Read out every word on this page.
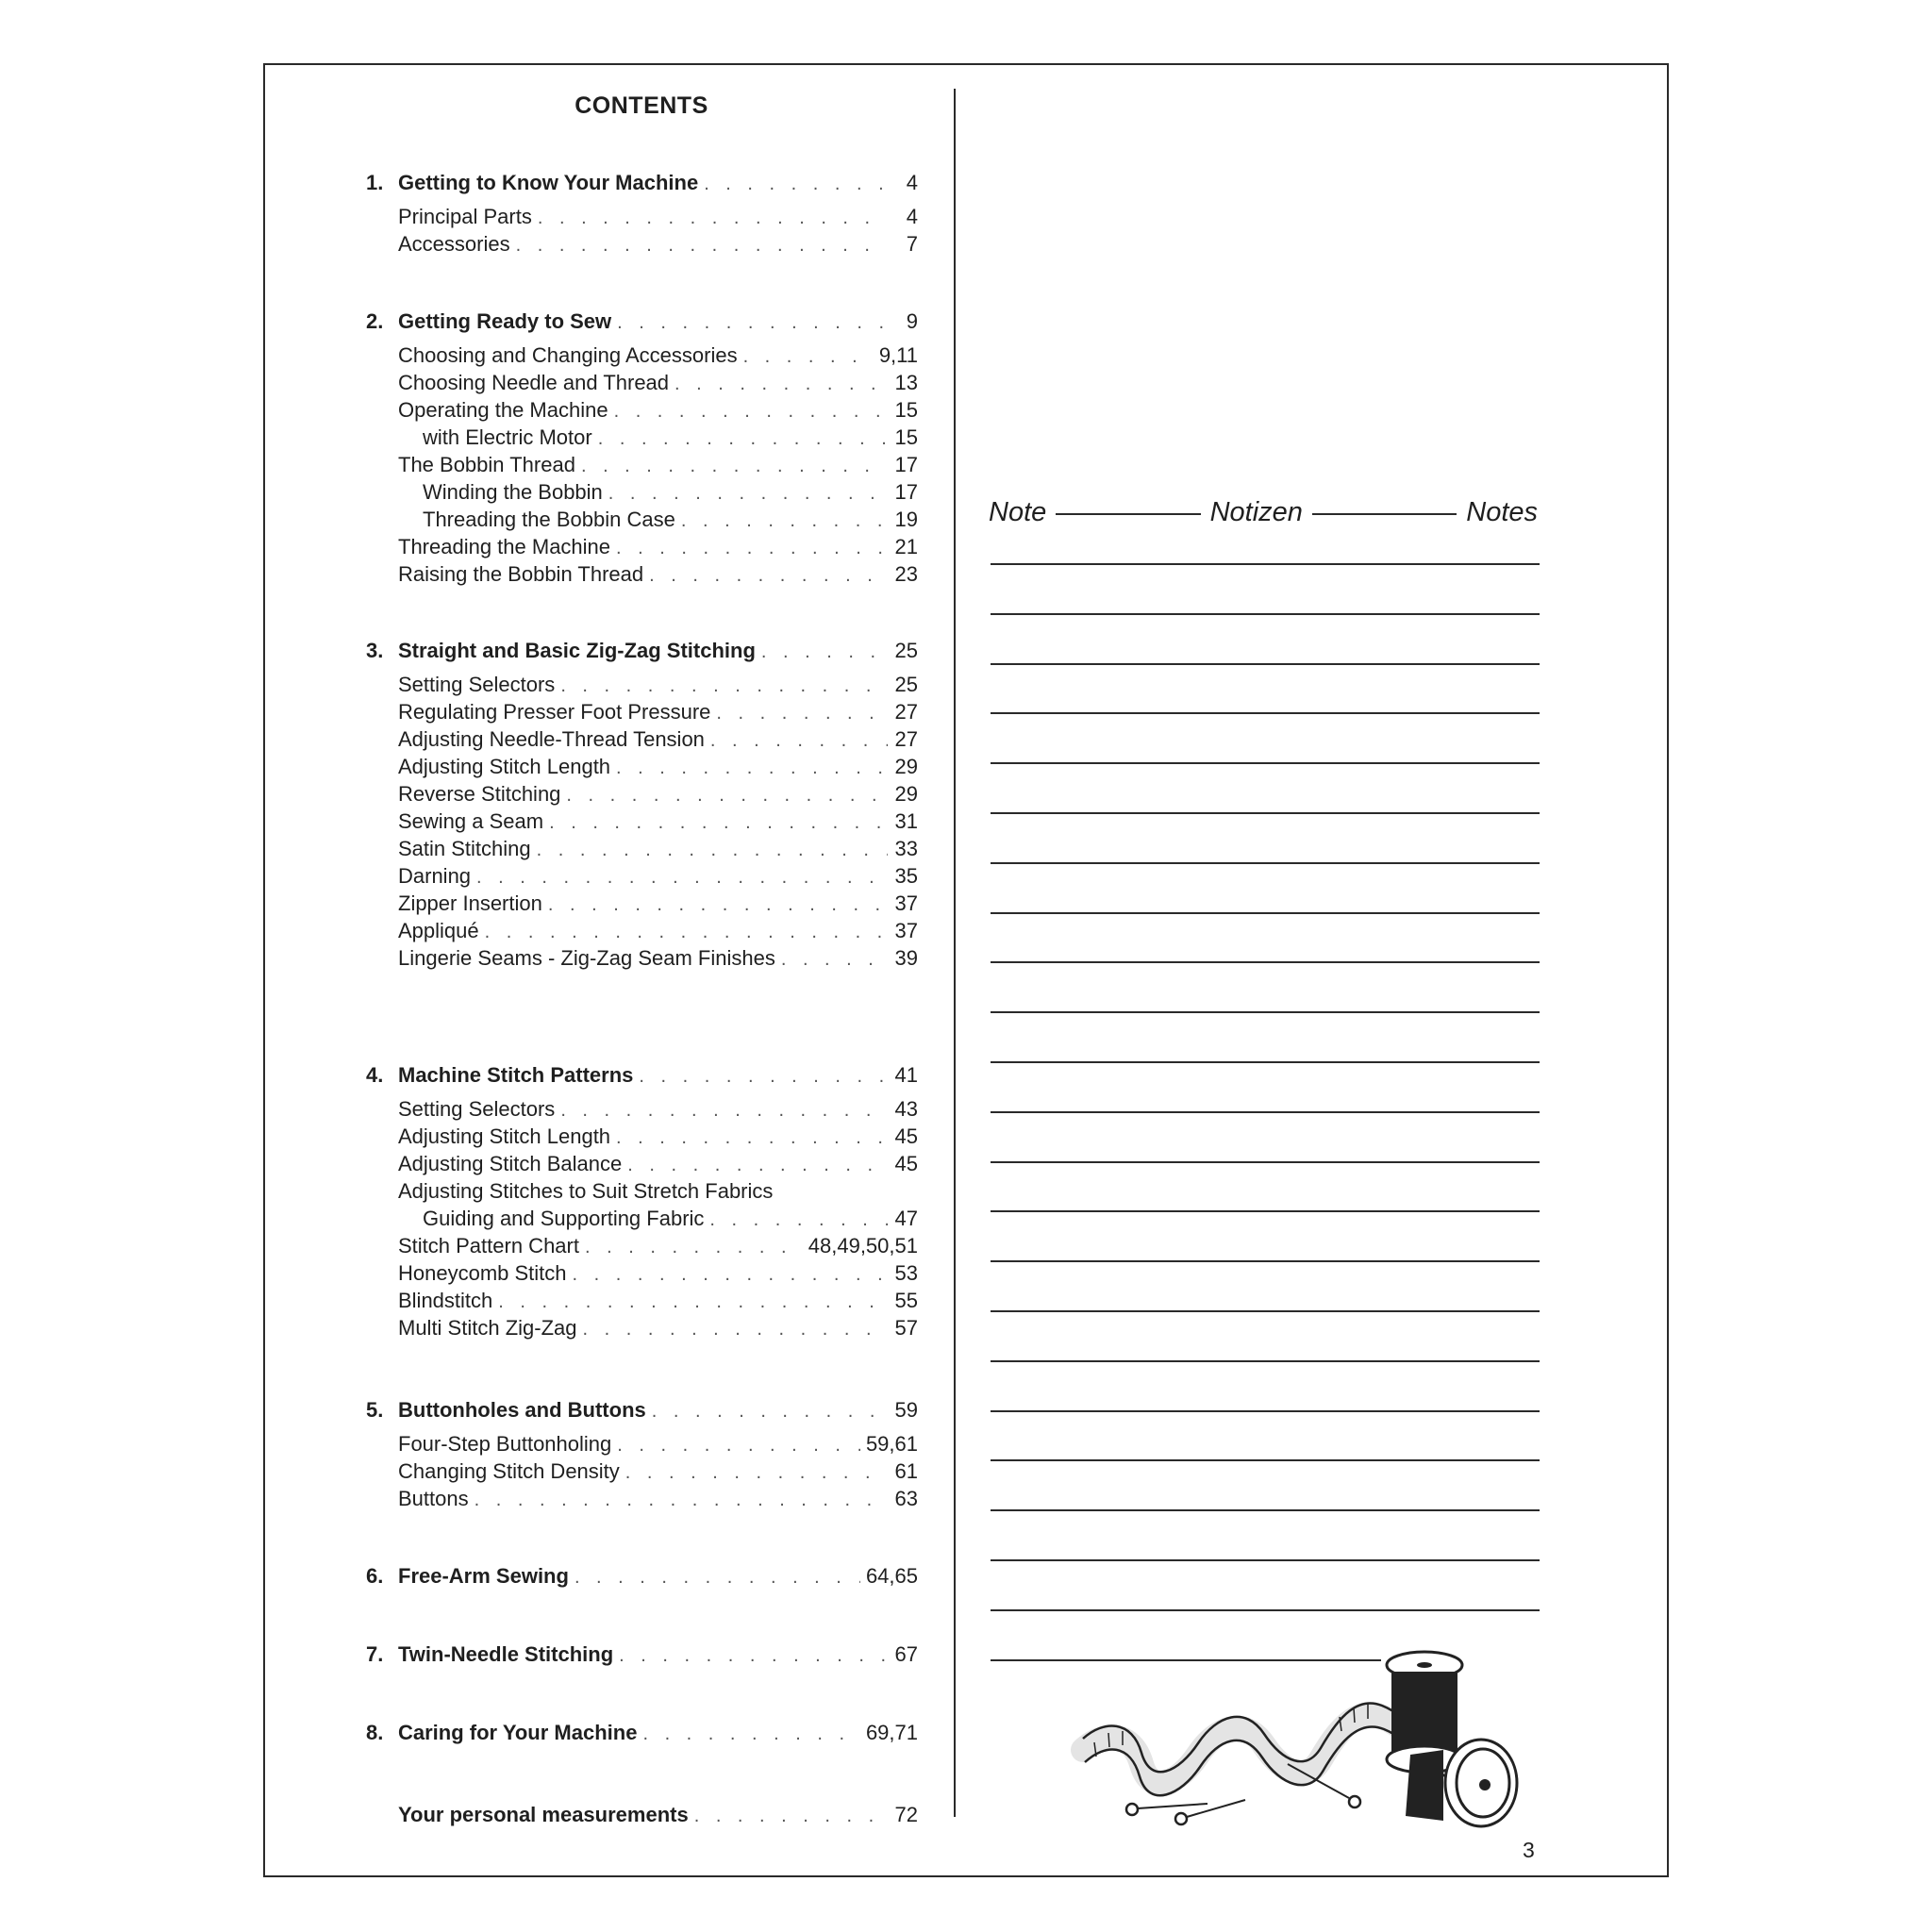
CONTENTS
1. Getting to Know Your Machine . . .	4
Principal Parts . . .	4
Accessories . . .	7
2. Getting Ready to Sew . . .	9
Choosing and Changing Accessories . . .	9,11
Choosing Needle and Thread . . .	13
Operating the Machine . . .	15
with Electric Motor . . .	15
The Bobbin Thread . . .	17
Winding the Bobbin . . .	17
Threading the Bobbin Case . . .	19
Threading the Machine . . .	21
Raising the Bobbin Thread . . .	23
3. Straight and Basic Zig-Zag Stitching . . .	25
Setting Selectors . . .	25
Regulating Presser Foot Pressure . . .	27
Adjusting Needle-Thread Tension . . .	27
Adjusting Stitch Length . . .	29
Reverse Stitching . . .	29
Sewing a Seam . . .	31
Satin Stitching . . .	33
Darning . . .	35
Zipper Insertion . . .	37
Appliqué . . .	37
Lingerie Seams - Zig-Zag Seam Finishes . . .	39
4. Machine Stitch Patterns . . .	41
Setting Selectors . . .	43
Adjusting Stitch Length . . .	45
Adjusting Stitch Balance . . .	45
Adjusting Stitches to Suit Stretch Fabrics
Guiding and Supporting Fabric . . .	47
Stitch Pattern Chart . . .	48,49,50,51
Honeycomb Stitch . . .	53
Blindstitch . . .	55
Multi Stitch Zig-Zag . . .	57
5. Buttonholes and Buttons . . .	59
Four-Step Buttonholing . . .	59,61
Changing Stitch Density . . .	61
Buttons . . .	63
6. Free-Arm Sewing . . .	64,65
7. Twin-Needle Stitching . . .	67
8. Caring for Your Machine . . .	69,71
Your personal measurements . . .	72
Note	Notizen	Notes
3
